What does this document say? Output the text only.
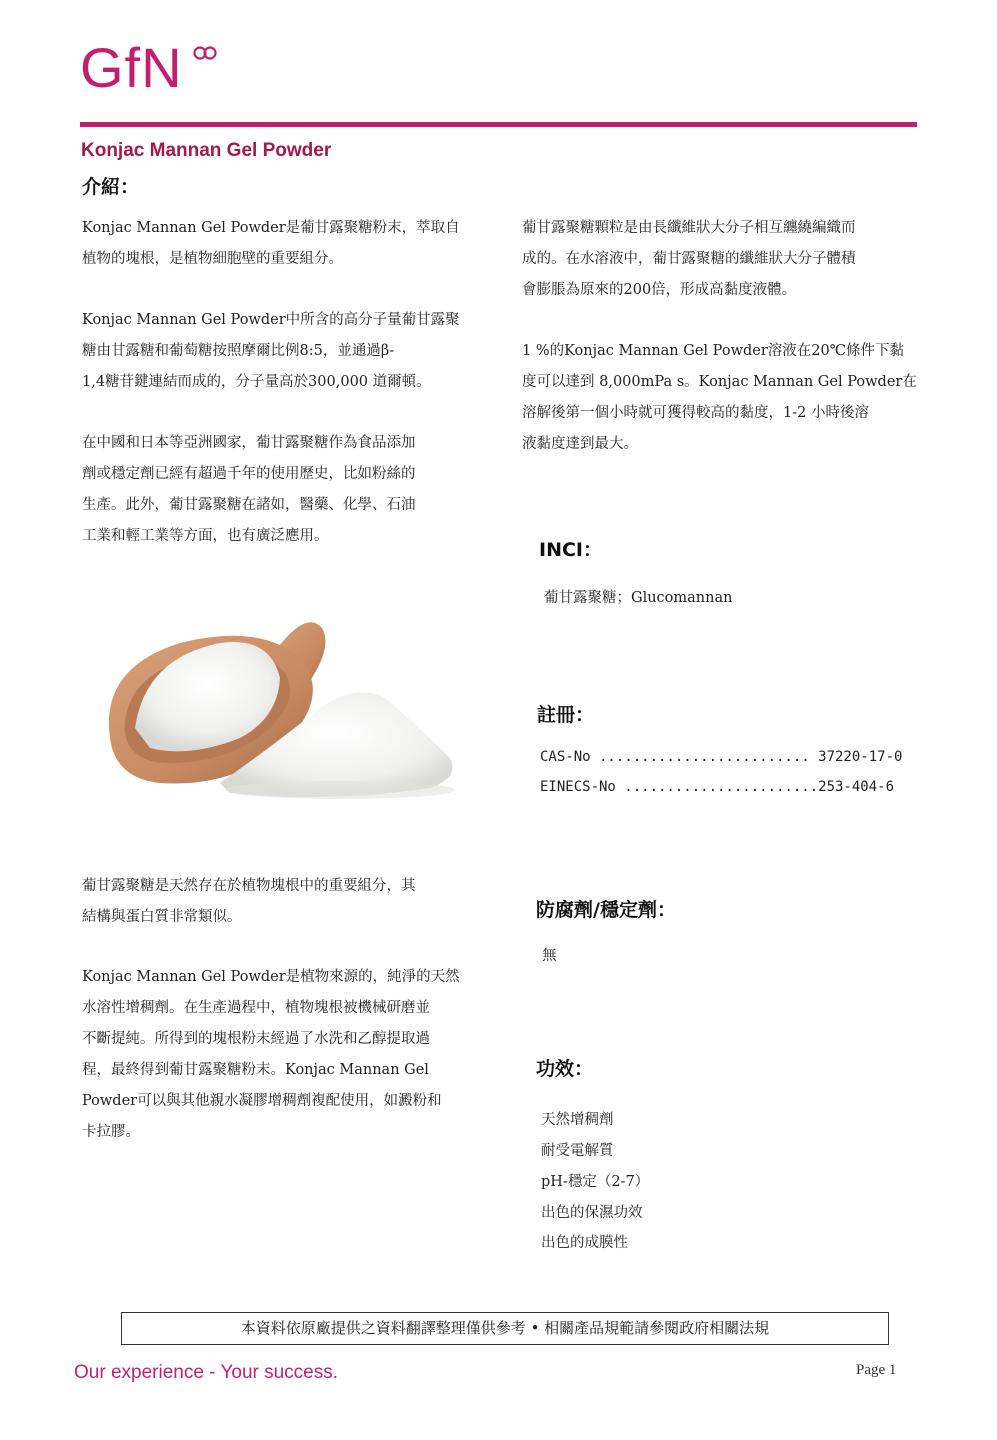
GfN
Konjac Mannan Gel Powder
介紹：
Konjac Mannan Gel Powder是葡甘露聚糖粉末，萃取自
植物的塊根，是植物細胞壁的重要組分。
Konjac Mannan Gel Powder中所含的高分子量葡甘露聚
糖由甘露糖和葡萄糖按照摩爾比例8:5，並通過β-
1,4糖苷鍵連結而成的，分子量高於300,000 道爾頓。
在中國和日本等亞洲國家，葡甘露聚糖作為食品添加
劑或穩定劑已經有超過千年的使用歷史，比如粉絲的
生產。此外，葡甘露聚糖在諸如，醫藥、化學、石油
工業和輕工業等方面，也有廣泛應用。
葡甘露聚糖顆粒是由長纖維狀大分子相互纏繞編織而
成的。在水溶液中，葡甘露聚糖的纖維狀大分子體積
會膨脹為原來的200倍，形成高黏度液體。
1 %的Konjac Mannan Gel Powder溶液在20℃條件下黏
度可以達到 8,000mPa s。Konjac Mannan Gel Powder在
溶解後第一個小時就可獲得較高的黏度，1-2 小時後溶
液黏度達到最大。
葡甘露聚糖是天然存在於植物塊根中的重要組分，其
結構與蛋白質非常類似。
Konjac Mannan Gel Powder是植物來源的，純淨的天然
水溶性增稠劑。在生產過程中，植物塊根被機械研磨並
不斷提純。所得到的塊根粉末經過了水洗和乙醇提取過
程，最終得到葡甘露聚糖粉末。Konjac Mannan Gel
Powder可以與其他親水凝膠增稠劑複配使用，如澱粉和
卡拉膠。
INCI：
葡甘露聚糖；Glucomannan
註冊：
CAS-No ......................... 37220-17-0
EINECS-No .......................253-404-6
防腐劑/穩定劑：
無
功效：
天然增稠劑
耐受電解質
pH-穩定（2-7）
出色的保濕功效
出色的成膜性
本資料依原廠提供之資料翻譯整理僅供參考 • 相關產品規範請參閱政府相關法規
Our experience - Your success.	Page 1
